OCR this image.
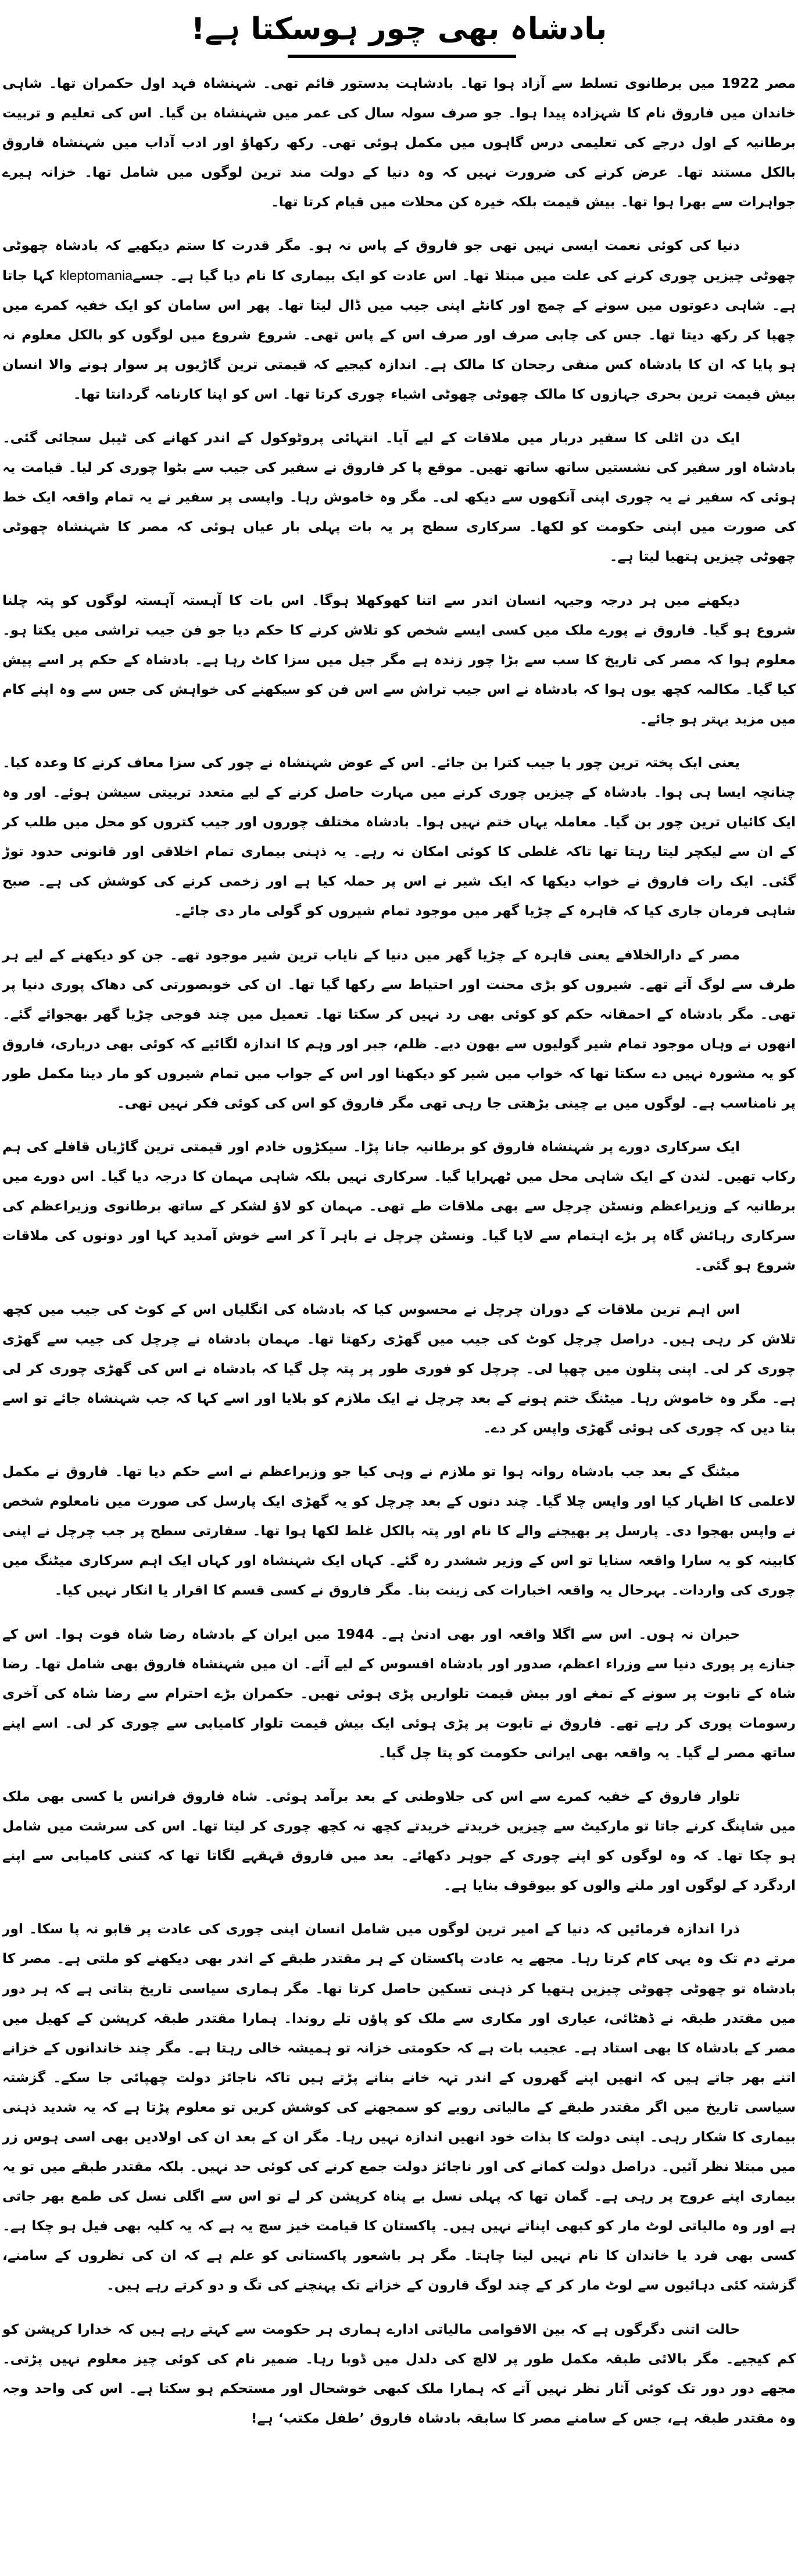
بادشاہ بھی چور ہوسکتا ہے!

مصر 1922 میں برطانوی تسلط سے آزاد ہوا تھا۔ بادشاہت بدستور قائم تھی۔ شہنشاہ فہد اول حکمران تھا۔ شاہی خاندان میں فاروق نام کا شہزادہ پیدا ہوا۔ جو صرف سولہ سال کی عمر میں شہنشاہ بن گیا۔ اس کی تعلیم و تربیت برطانیہ کے اول درجے کی تعلیمی درس گاہوں میں مکمل ہوئی تھی۔ رکھ رکھاؤ اور ادب آداب میں شہنشاہ فاروق بالکل مستند تھا۔ عرض کرنے کی ضرورت نہیں کہ وہ دنیا کے دولت مند ترین لوگوں میں شامل تھا۔ خزانہ ہیرے جواہرات سے بھرا ہوا تھا۔ بیش قیمت بلکہ خیرہ کن محلات میں قیام کرتا تھا۔

دنیا کی کوئی نعمت ایسی نہیں تھی جو فاروق کے پاس نہ ہو۔ مگر قدرت کا ستم دیکھیے کہ بادشاہ چھوٹی چھوٹی چیزیں چوری کرنے کی علت میں مبتلا تھا۔ اس عادت کو ایک بیماری کا نام دیا گیا ہے۔ جسےkleptomania کہا جاتا ہے۔ شاہی دعوتوں میں سونے کے چمچ اور کانٹے اپنی جیب میں ڈال لیتا تھا۔ پھر اس سامان کو ایک خفیہ کمرے میں چھپا کر رکھ دیتا تھا۔ جس کی چابی صرف اور صرف اس کے پاس تھی۔ شروع شروع میں لوگوں کو بالکل معلوم نہ ہو پایا کہ ان کا بادشاہ کس منفی رجحان کا مالک ہے۔ اندازہ کیجیے کہ قیمتی ترین گاڑیوں پر سوار ہونے والا انسان بیش قیمت ترین بحری جہازوں کا مالک چھوٹی چھوٹی اشیاء چوری کرتا تھا۔ اس کو اپنا کارنامہ گردانتا تھا۔

ایک دن اٹلی کا سفیر دربار میں ملاقات کے لیے آیا۔ انتہائی پروٹوکول کے اندر کھانے کی ٹیبل سجائی گئی۔ بادشاہ اور سفیر کی نشستیں ساتھ ساتھ تھیں۔ موقع پا کر فاروق نے سفیر کی جیب سے بٹوا چوری کر لیا۔ قیامت یہ ہوئی کہ سفیر نے یہ چوری اپنی آنکھوں سے دیکھ لی۔ مگر وہ خاموش رہا۔ واپسی پر سفیر نے یہ تمام واقعہ ایک خط کی صورت میں اپنی حکومت کو لکھا۔ سرکاری سطح پر یہ بات پہلی بار عیاں ہوئی کہ مصر کا شہنشاہ چھوٹی چھوٹی چیزیں ہتھیا لیتا ہے۔

دیکھنے میں ہر درجہ وجیہہ انسان اندر سے اتنا کھوکھلا ہوگا۔ اس بات کا آہستہ آہستہ لوگوں کو پتہ چلنا شروع ہو گیا۔ فاروق نے پورے ملک میں کسی ایسے شخص کو تلاش کرنے کا حکم دیا جو فن جیب تراشی میں یکتا ہو۔ معلوم ہوا کہ مصر کی تاریخ کا سب سے بڑا چور زندہ ہے مگر جیل میں سزا کاٹ رہا ہے۔ بادشاہ کے حکم پر اسے پیش کیا گیا۔ مکالمہ کچھ یوں ہوا کہ بادشاہ نے اس جیب تراش سے اس فن کو سیکھنے کی خواہش کی جس سے وہ اپنے کام میں مزید بہتر ہو جائے۔

یعنی ایک پختہ ترین چور یا جیب کترا بن جائے۔ اس کے عوض شہنشاہ نے چور کی سزا معاف کرنے کا وعدہ کیا۔ چنانچہ ایسا ہی ہوا۔ بادشاہ کے چیزیں چوری کرنے میں مہارت حاصل کرنے کے لیے متعدد تربیتی سیشن ہوئے۔ اور وہ ایک کائیاں ترین چور بن گیا۔ معاملہ یہاں ختم نہیں ہوا۔ بادشاہ مختلف چوروں اور جیب کتروں کو محل میں طلب کر کے ان سے لیکچر لیتا رہتا تھا تاکہ غلطی کا کوئی امکان نہ رہے۔ یہ ذہنی بیماری تمام اخلاقی اور قانونی حدود توڑ گئی۔ ایک رات فاروق نے خواب دیکھا کہ ایک شیر نے اس پر حملہ کیا ہے اور زخمی کرنے کی کوشش کی ہے۔ صبح شاہی فرمان جاری کیا کہ قاہرہ کے چڑیا گھر میں موجود تمام شیروں کو گولی مار دی جائے۔

مصر کے دارالخلافے یعنی قاہرہ کے چڑیا گھر میں دنیا کے نایاب ترین شیر موجود تھے۔ جن کو دیکھنے کے لیے ہر طرف سے لوگ آتے تھے۔ شیروں کو بڑی محنت اور احتیاط سے رکھا گیا تھا۔ ان کی خوبصورتی کی دھاک پوری دنیا پر تھی۔ مگر بادشاہ کے احمقانہ حکم کو کوئی بھی رد نہیں کر سکتا تھا۔ تعمیل میں چند فوجی چڑیا گھر بھجوائے گئے۔ انھوں نے وہاں موجود تمام شیر گولیوں سے بھون دیے۔ ظلم، جبر اور وہم کا اندازہ لگائیے کہ کوئی بھی درباری، فاروق کو یہ مشورہ نہیں دے سکتا تھا کہ خواب میں شیر کو دیکھنا اور اس کے جواب میں تمام شیروں کو مار دینا مکمل طور پر نامناسب ہے۔ لوگوں میں بے چینی بڑھتی جا رہی تھی مگر فاروق کو اس کی کوئی فکر نہیں تھی۔

ایک سرکاری دورے پر شہنشاہ فاروق کو برطانیہ جانا پڑا۔ سیکڑوں خادم اور قیمتی ترین گاڑیاں قافلے کی ہم رکاب تھیں۔ لندن کے ایک شاہی محل میں ٹھہرایا گیا۔ سرکاری نہیں بلکہ شاہی مہمان کا درجہ دیا گیا۔ اس دورے میں برطانیہ کے وزیراعظم ونسٹن چرچل سے بھی ملاقات طے تھی۔ مہمان کو لاؤ لشکر کے ساتھ برطانوی وزیراعظم کی سرکاری رہائش گاہ پر بڑے اہتمام سے لایا گیا۔ ونسٹن چرچل نے باہر آ کر اسے خوش آمدید کہا اور دونوں کی ملاقات شروع ہو گئی۔

اس اہم ترین ملاقات کے دوران چرچل نے محسوس کیا کہ بادشاہ کی انگلیاں اس کے کوٹ کی جیب میں کچھ تلاش کر رہی ہیں۔ دراصل چرچل کوٹ کی جیب میں گھڑی رکھتا تھا۔ مہمان بادشاہ نے چرچل کی جیب سے گھڑی چوری کر لی۔ اپنی پتلون میں چھپا لی۔ چرچل کو فوری طور پر پتہ چل گیا کہ بادشاہ نے اس کی گھڑی چوری کر لی ہے۔ مگر وہ خاموش رہا۔ میٹنگ ختم ہونے کے بعد چرچل نے ایک ملازم کو بلایا اور اسے کہا کہ جب شہنشاہ جائے تو اسے بتا دیں کہ چوری کی ہوئی گھڑی واپس کر دے۔

میٹنگ کے بعد جب بادشاہ روانہ ہوا تو ملازم نے وہی کیا جو وزیراعظم نے اسے حکم دیا تھا۔ فاروق نے مکمل لاعلمی کا اظہار کیا اور واپس چلا گیا۔ چند دنوں کے بعد چرچل کو یہ گھڑی ایک پارسل کی صورت میں نامعلوم شخص نے واپس بھجوا دی۔ پارسل پر بھیجنے والے کا نام اور پتہ بالکل غلط لکھا ہوا تھا۔ سفارتی سطح پر جب چرچل نے اپنی کابینہ کو یہ سارا واقعہ سنایا تو اس کے وزیر ششدر رہ گئے۔ کہاں ایک شہنشاہ اور کہاں ایک اہم سرکاری میٹنگ میں چوری کی واردات۔ بہرحال یہ واقعہ اخبارات کی زینت بنا۔ مگر فاروق نے کسی قسم کا اقرار یا انکار نہیں کیا۔

حیران نہ ہوں۔ اس سے اگلا واقعہ اور بھی ادنیٰ ہے۔ 1944 میں ایران کے بادشاہ رضا شاہ فوت ہوا۔ اس کے جنازے پر پوری دنیا سے وزراء اعظم، صدور اور بادشاہ افسوس کے لیے آئے۔ ان میں شہنشاہ فاروق بھی شامل تھا۔ رضا شاہ کے تابوت پر سونے کے تمغے اور بیش قیمت تلواریں پڑی ہوئی تھیں۔ حکمران بڑے احترام سے رضا شاہ کی آخری رسومات پوری کر رہے تھے۔ فاروق نے تابوت پر پڑی ہوئی ایک بیش قیمت تلوار کامیابی سے چوری کر لی۔ اسے اپنے ساتھ مصر لے گیا۔ یہ واقعہ بھی ایرانی حکومت کو پتا چل گیا۔

تلوار فاروق کے خفیہ کمرے سے اس کی جلاوطنی کے بعد برآمد ہوئی۔ شاہ فاروق فرانس یا کسی بھی ملک میں شاپنگ کرنے جاتا تو مارکیٹ سے چیزیں خریدتے خریدتے کچھ نہ کچھ چوری کر لیتا تھا۔ اس کی سرشت میں شامل ہو چکا تھا۔ کہ وہ لوگوں کو اپنے چوری کے جوہر دکھائے۔ بعد میں فاروق قہقہے لگاتا تھا کہ کتنی کامیابی سے اپنے اردگرد کے لوگوں اور ملنے والوں کو بیوقوف بنایا ہے۔

ذرا اندازہ فرمائیں کہ دنیا کے امیر ترین لوگوں میں شامل انسان اپنی چوری کی عادت پر قابو نہ پا سکا۔ اور مرتے دم تک وہ یہی کام کرتا رہا۔ مجھے یہ عادت پاکستان کے ہر مقتدر طبقے کے اندر بھی دیکھنے کو ملتی ہے۔ مصر کا بادشاہ تو چھوٹی چھوٹی چیزیں ہتھیا کر ذہنی تسکین حاصل کرتا تھا۔ مگر ہماری سیاسی تاریخ بتاتی ہے کہ ہر دور میں مقتدر طبقہ نے ڈھٹائی، عیاری اور مکاری سے ملک کو پاؤں تلے روندا۔ ہمارا مقتدر طبقہ کرپشن کے کھیل میں مصر کے بادشاہ کا بھی استاد ہے۔ عجیب بات ہے کہ حکومتی خزانہ تو ہمیشہ خالی رہتا ہے۔ مگر چند خاندانوں کے خزانے اتنے بھر جاتے ہیں کہ انھیں اپنے گھروں کے اندر تہہ خانے بنانے پڑتے ہیں تاکہ ناجائز دولت چھپائی جا سکے۔ گزشتہ سیاسی تاریخ میں اگر مقتدر طبقے کے مالیاتی رویے کو سمجھنے کی کوشش کریں تو معلوم پڑتا ہے کہ یہ شدید ذہنی بیماری کا شکار رہی۔ اپنی دولت کا بذات خود انھیں اندازہ نہیں رہا۔ مگر ان کے بعد ان کی اولادیں بھی اسی ہوس زر میں مبتلا نظر آئیں۔ دراصل دولت کمانے کی اور ناجائز دولت جمع کرنے کی کوئی حد نہیں۔ بلکہ مقتدر طبقے میں تو یہ بیماری اپنے عروج پر رہی ہے۔ گمان تھا کہ پہلی نسل بے پناہ کرپشن کر لے تو اس سے اگلی نسل کی طمع بھر جاتی ہے اور وہ مالیاتی لوٹ مار کو کبھی اپناتے نہیں ہیں۔ پاکستان کا قیامت خیز سچ یہ ہے کہ یہ کلیہ بھی فیل ہو چکا ہے۔ کسی بھی فرد یا خاندان کا نام نہیں لینا چاہتا۔ مگر ہر باشعور پاکستانی کو علم ہے کہ ان کی نظروں کے سامنے، گزشتہ کئی دہائیوں سے لوٹ مار کر کے چند لوگ قارون کے خزانے تک پہنچنے کی تگ و دو کرتے رہے ہیں۔

حالت اتنی دگرگوں ہے کہ بین الاقوامی مالیاتی ادارے ہماری ہر حکومت سے کہتے رہے ہیں کہ خدارا کرپشن کو کم کیجیے۔ مگر بالائی طبقہ مکمل طور پر لالچ کی دلدل میں ڈوبا رہا۔ ضمیر نام کی کوئی چیز معلوم نہیں پڑتی۔ مجھے دور دور تک کوئی آثار نظر نہیں آتے کہ ہمارا ملک کبھی خوشحال اور مستحکم ہو سکتا ہے۔ اس کی واحد وجہ وہ مقتدر طبقہ ہے، جس کے سامنے مصر کا سابقہ بادشاہ فاروق ’طفل مکتب‘ ہے!
